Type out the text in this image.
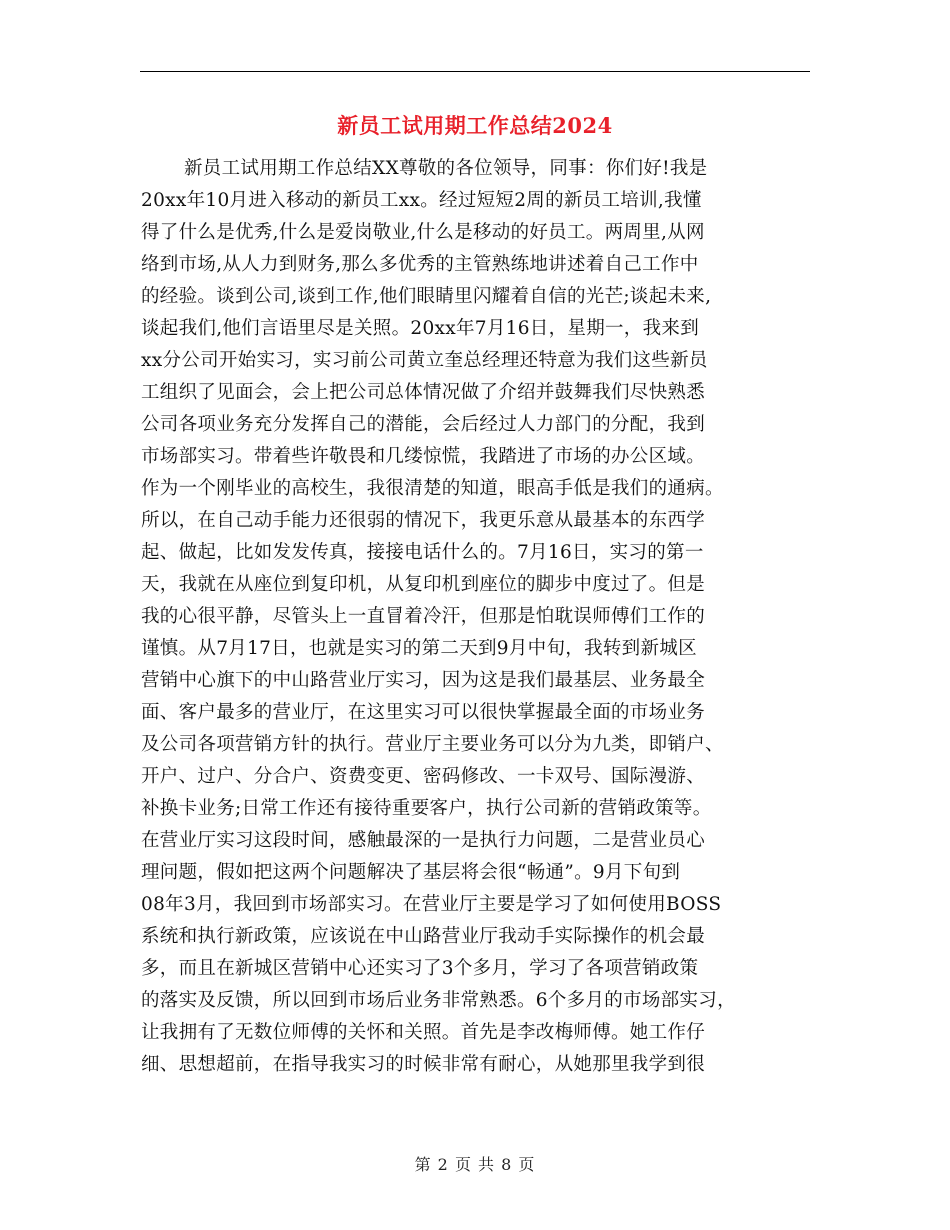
新员工试用期工作总结2024
新员工试用期工作总结XX尊敬的各位领导，同事：你们好!我是
20xx年10月进入移动的新员工xx。经过短短2周的新员工培训,我懂
得了什么是优秀,什么是爱岗敬业,什么是移动的好员工。两周里,从网
络到市场,从人力到财务,那么多优秀的主管熟练地讲述着自己工作中
的经验。谈到公司,谈到工作,他们眼睛里闪耀着自信的光芒;谈起未来,
谈起我们,他们言语里尽是关照。20xx年7月16日，星期一，我来到
xx分公司开始实习，实习前公司黄立奎总经理还特意为我们这些新员
工组织了见面会，会上把公司总体情况做了介绍并鼓舞我们尽快熟悉
公司各项业务充分发挥自己的潜能，会后经过人力部门的分配，我到
市场部实习。带着些许敬畏和几缕惊慌，我踏进了市场的办公区域。
作为一个刚毕业的高校生，我很清楚的知道，眼高手低是我们的通病。
所以，在自己动手能力还很弱的情况下，我更乐意从最基本的东西学
起、做起，比如发发传真，接接电话什么的。7月16日，实习的第一
天，我就在从座位到复印机，从复印机到座位的脚步中度过了。但是
我的心很平静，尽管头上一直冒着冷汗，但那是怕耽误师傅们工作的
谨慎。从7月17日，也就是实习的第二天到9月中旬，我转到新城区
营销中心旗下的中山路营业厅实习，因为这是我们最基层、业务最全
面、客户最多的营业厅，在这里实习可以很快掌握最全面的市场业务
及公司各项营销方针的执行。营业厅主要业务可以分为九类，即销户、
开户、过户、分合户、资费变更、密码修改、一卡双号、国际漫游、
补换卡业务;日常工作还有接待重要客户，执行公司新的营销政策等。
在营业厅实习这段时间，感触最深的一是执行力问题，二是营业员心
理问题，假如把这两个问题解决了基层将会很“畅通”。9月下旬到
08年3月，我回到市场部实习。在营业厅主要是学习了如何使用BOSS
系统和执行新政策，应该说在中山路营业厅我动手实际操作的机会最
多，而且在新城区营销中心还实习了3个多月，学习了各项营销政策
的落实及反馈，所以回到市场后业务非常熟悉。6个多月的市场部实习，
让我拥有了无数位师傅的关怀和关照。首先是李改梅师傅。她工作仔
细、思想超前，在指导我实习的时候非常有耐心，从她那里我学到很
第 2 页 共 8 页
